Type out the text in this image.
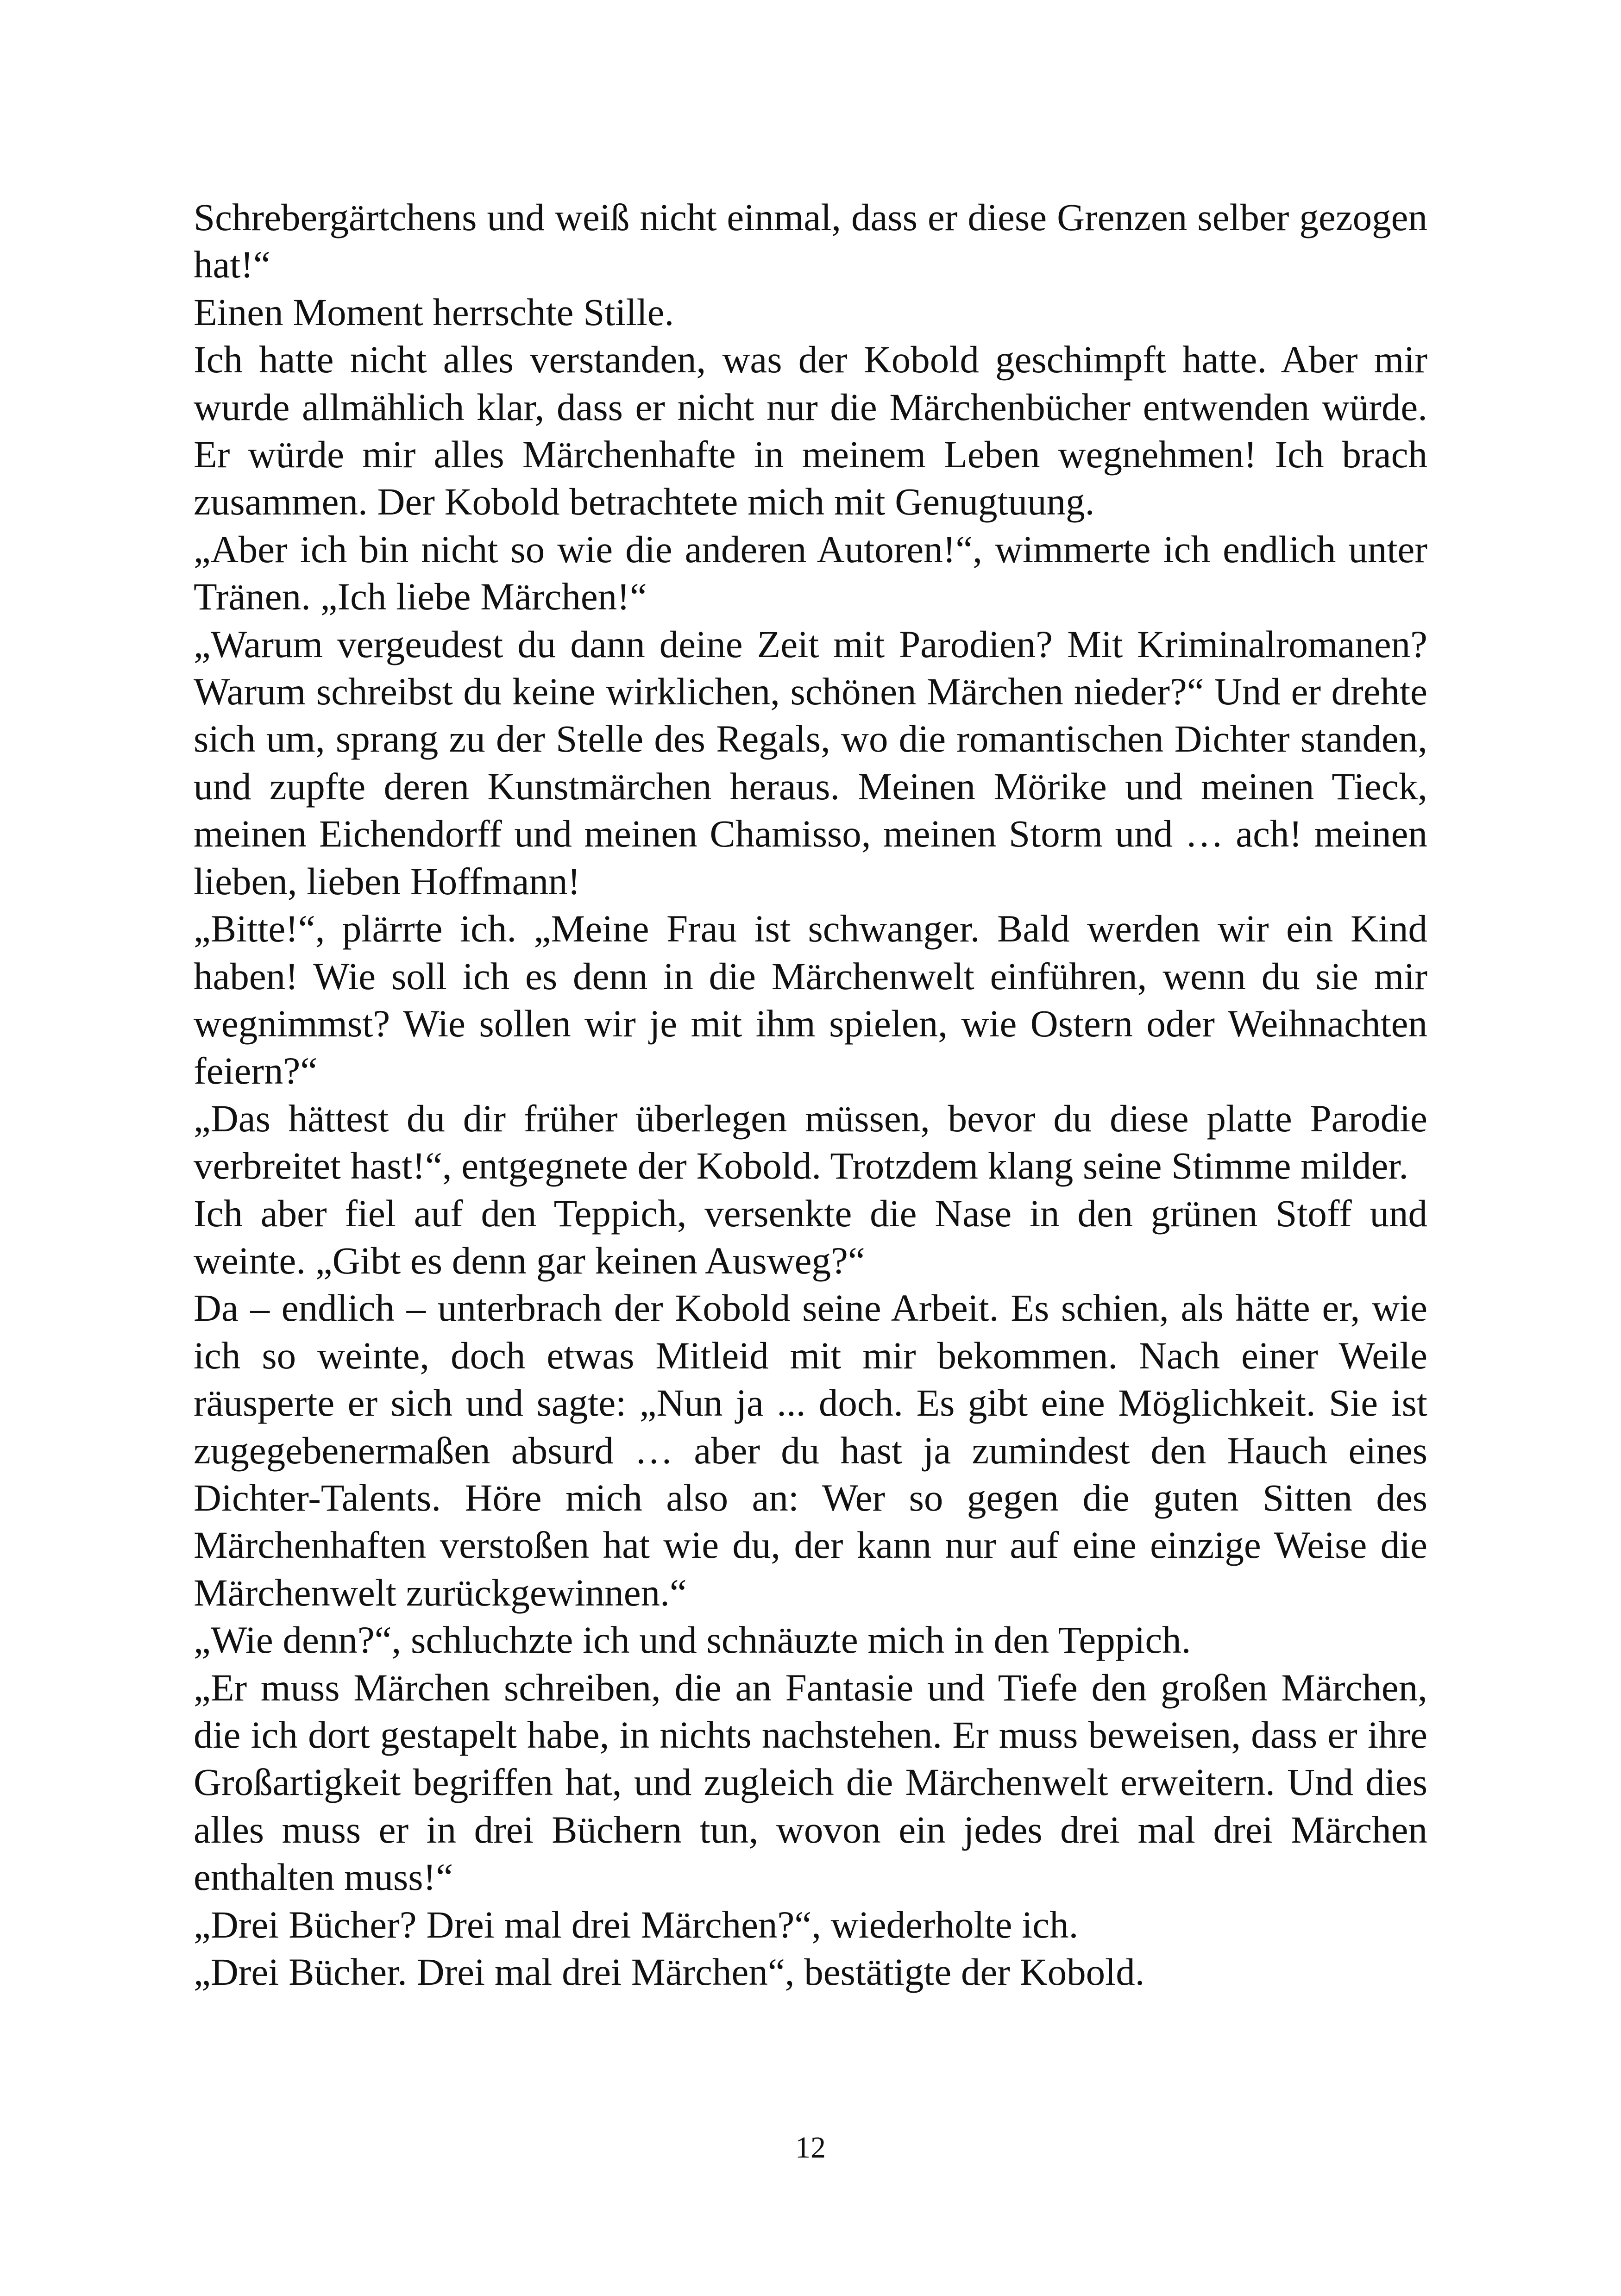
Schrebergärtchens und weiß nicht einmal, dass er diese Grenzen selber gezogen hat!“

Einen Moment herrschte Stille.

Ich hatte nicht alles verstanden, was der Kobold geschimpft hatte. Aber mir wurde allmählich klar, dass er nicht nur die Märchenbücher entwenden würde. Er würde mir alles Märchenhafte in meinem Leben wegnehmen! Ich brach zusammen. Der Kobold betrachtete mich mit Genugtuung.

„Aber ich bin nicht so wie die anderen Autoren!“, wimmerte ich endlich unter Tränen. „Ich liebe Märchen!“

„Warum vergeudest du dann deine Zeit mit Parodien? Mit Kriminalromanen? Warum schreibst du keine wirklichen, schönen Märchen nieder?“ Und er drehte sich um, sprang zu der Stelle des Regals, wo die romantischen Dichter standen, und zupfte deren Kunstmärchen heraus. Meinen Mörike und meinen Tieck, meinen Eichendorff und meinen Chamisso, meinen Storm und … ach! meinen lieben, lieben Hoffmann!

„Bitte!“, plärrte ich. „Meine Frau ist schwanger. Bald werden wir ein Kind haben! Wie soll ich es denn in die Märchenwelt einführen, wenn du sie mir wegnimmst? Wie sollen wir je mit ihm spielen, wie Ostern oder Weihnachten feiern?“

„Das hättest du dir früher überlegen müssen, bevor du diese platte Parodie verbreitet hast!“, entgegnete der Kobold. Trotzdem klang seine Stimme milder.

Ich aber fiel auf den Teppich, versenkte die Nase in den grünen Stoff und weinte. „Gibt es denn gar keinen Ausweg?“

Da – endlich – unterbrach der Kobold seine Arbeit. Es schien, als hätte er, wie ich so weinte, doch etwas Mitleid mit mir bekommen. Nach einer Weile räusperte er sich und sagte: „Nun ja ... doch. Es gibt eine Möglichkeit. Sie ist zugegebenermaßen absurd … aber du hast ja zumindest den Hauch eines Dichter-Talents. Höre mich also an: Wer so gegen die guten Sitten des Märchenhaften verstoßen hat wie du, der kann nur auf eine einzige Weise die Märchenwelt zurückgewinnen.“

„Wie denn?“, schluchzte ich und schnäuzte mich in den Teppich.

„Er muss Märchen schreiben, die an Fantasie und Tiefe den großen Märchen, die ich dort gestapelt habe, in nichts nachstehen. Er muss beweisen, dass er ihre Großartigkeit begriffen hat, und zugleich die Märchenwelt erweitern. Und dies alles muss er in drei Büchern tun, wovon ein jedes drei mal drei Märchen enthalten muss!“

„Drei Bücher? Drei mal drei Märchen?“, wiederholte ich.

„Drei Bücher. Drei mal drei Märchen“, bestätigte der Kobold.

12
